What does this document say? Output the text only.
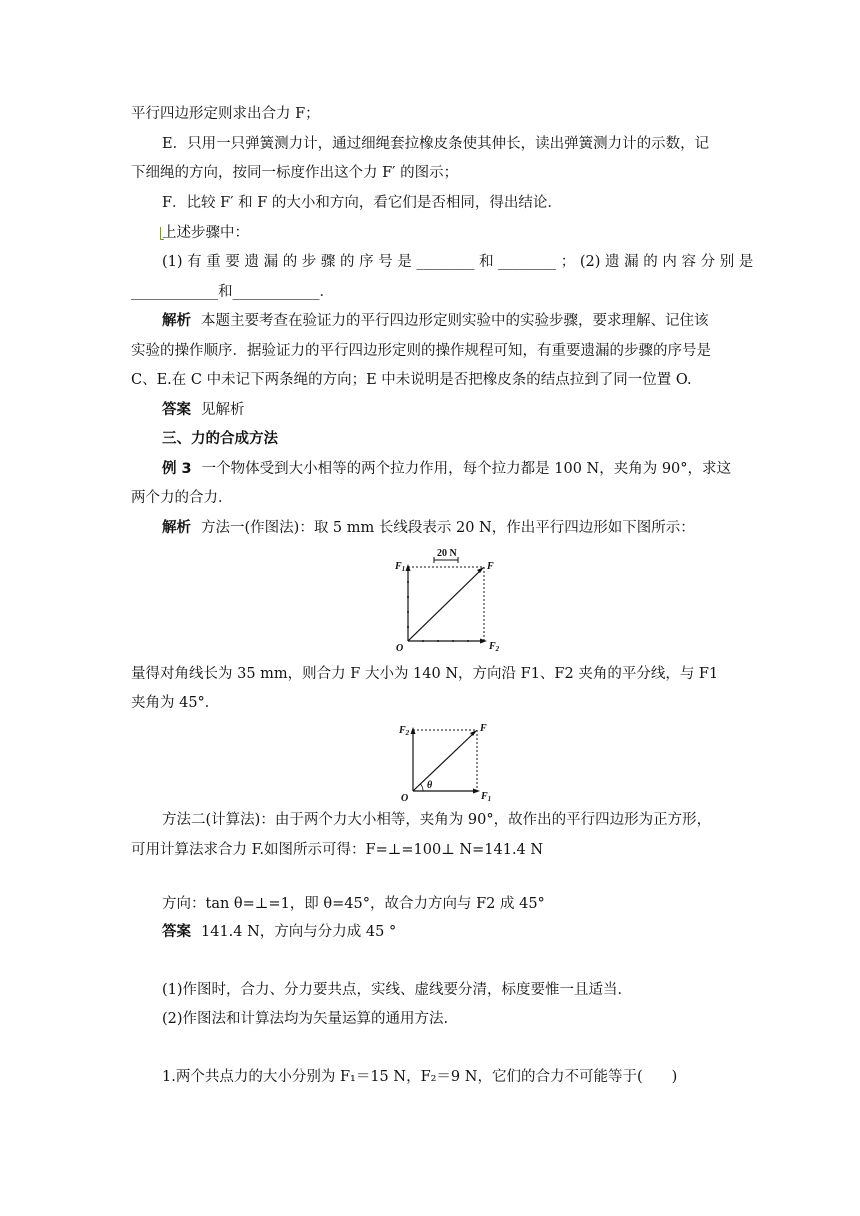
平行四边形定则求出合力 F；
E．只用一只弹簧测力计，通过细绳套拉橡皮条使其伸长，读出弹簧测力计的示数，记
下细绳的方向，按同一标度作出这个力 F′ 的图示；
F．比较 F′ 和 F 的大小和方向，看它们是否相同，得出结论．
上述步骤中：
(1) 有 重 要 遗 漏 的 步 骤 的 序 号 是 ________ 和 ________ ； (2) 遗 漏 的 内 容 分 别 是
____________和____________．
解析 本题主要考查在验证力的平行四边形定则实验中的实验步骤，要求理解、记住该
实验的操作顺序．据验证力的平行四边形定则的操作规程可知，有重要遗漏的步骤的序号是
C、E.在 C 中未记下两条绳的方向；E 中未说明是否把橡皮条的结点拉到了同一位置 O.
答案 见解析
三、力的合成方法
例 3 一个物体受到大小相等的两个拉力作用，每个拉力都是 100 N，夹角为 90°，求这
两个力的合力．
解析 方法一(作图法)：取 5 mm 长线段表示 20 N，作出平行四边形如下图所示：
20 N
$F_1$	F
$F_2$
O
量得对角线长为 35 mm，则合力 F 大小为 140 N，方向沿 F1、F2 夹角的平分线，与 F1
夹角为 45°．
θ
$F_2$	F
$F_1$
O
方法二(计算法)：由于两个力大小相等，夹角为 90°，故作出的平行四边形为正方形，
可用计算法求合力 F.如图所示可得：F=⊥=100⊥ N=141.4 N
方向：tan θ=⊥=1，即 θ=45°，故合力方向与 F2 成 45°
答案 141.4 N，方向与分力成 45 °
(1)作图时，合力、分力要共点，实线、虚线要分清，标度要惟一且适当．
(2)作图法和计算法均为矢量运算的通用方法.
1.两个共点力的大小分别为 F₁＝15 N，F₂＝9 N，它们的合力不可能等于(　　)
